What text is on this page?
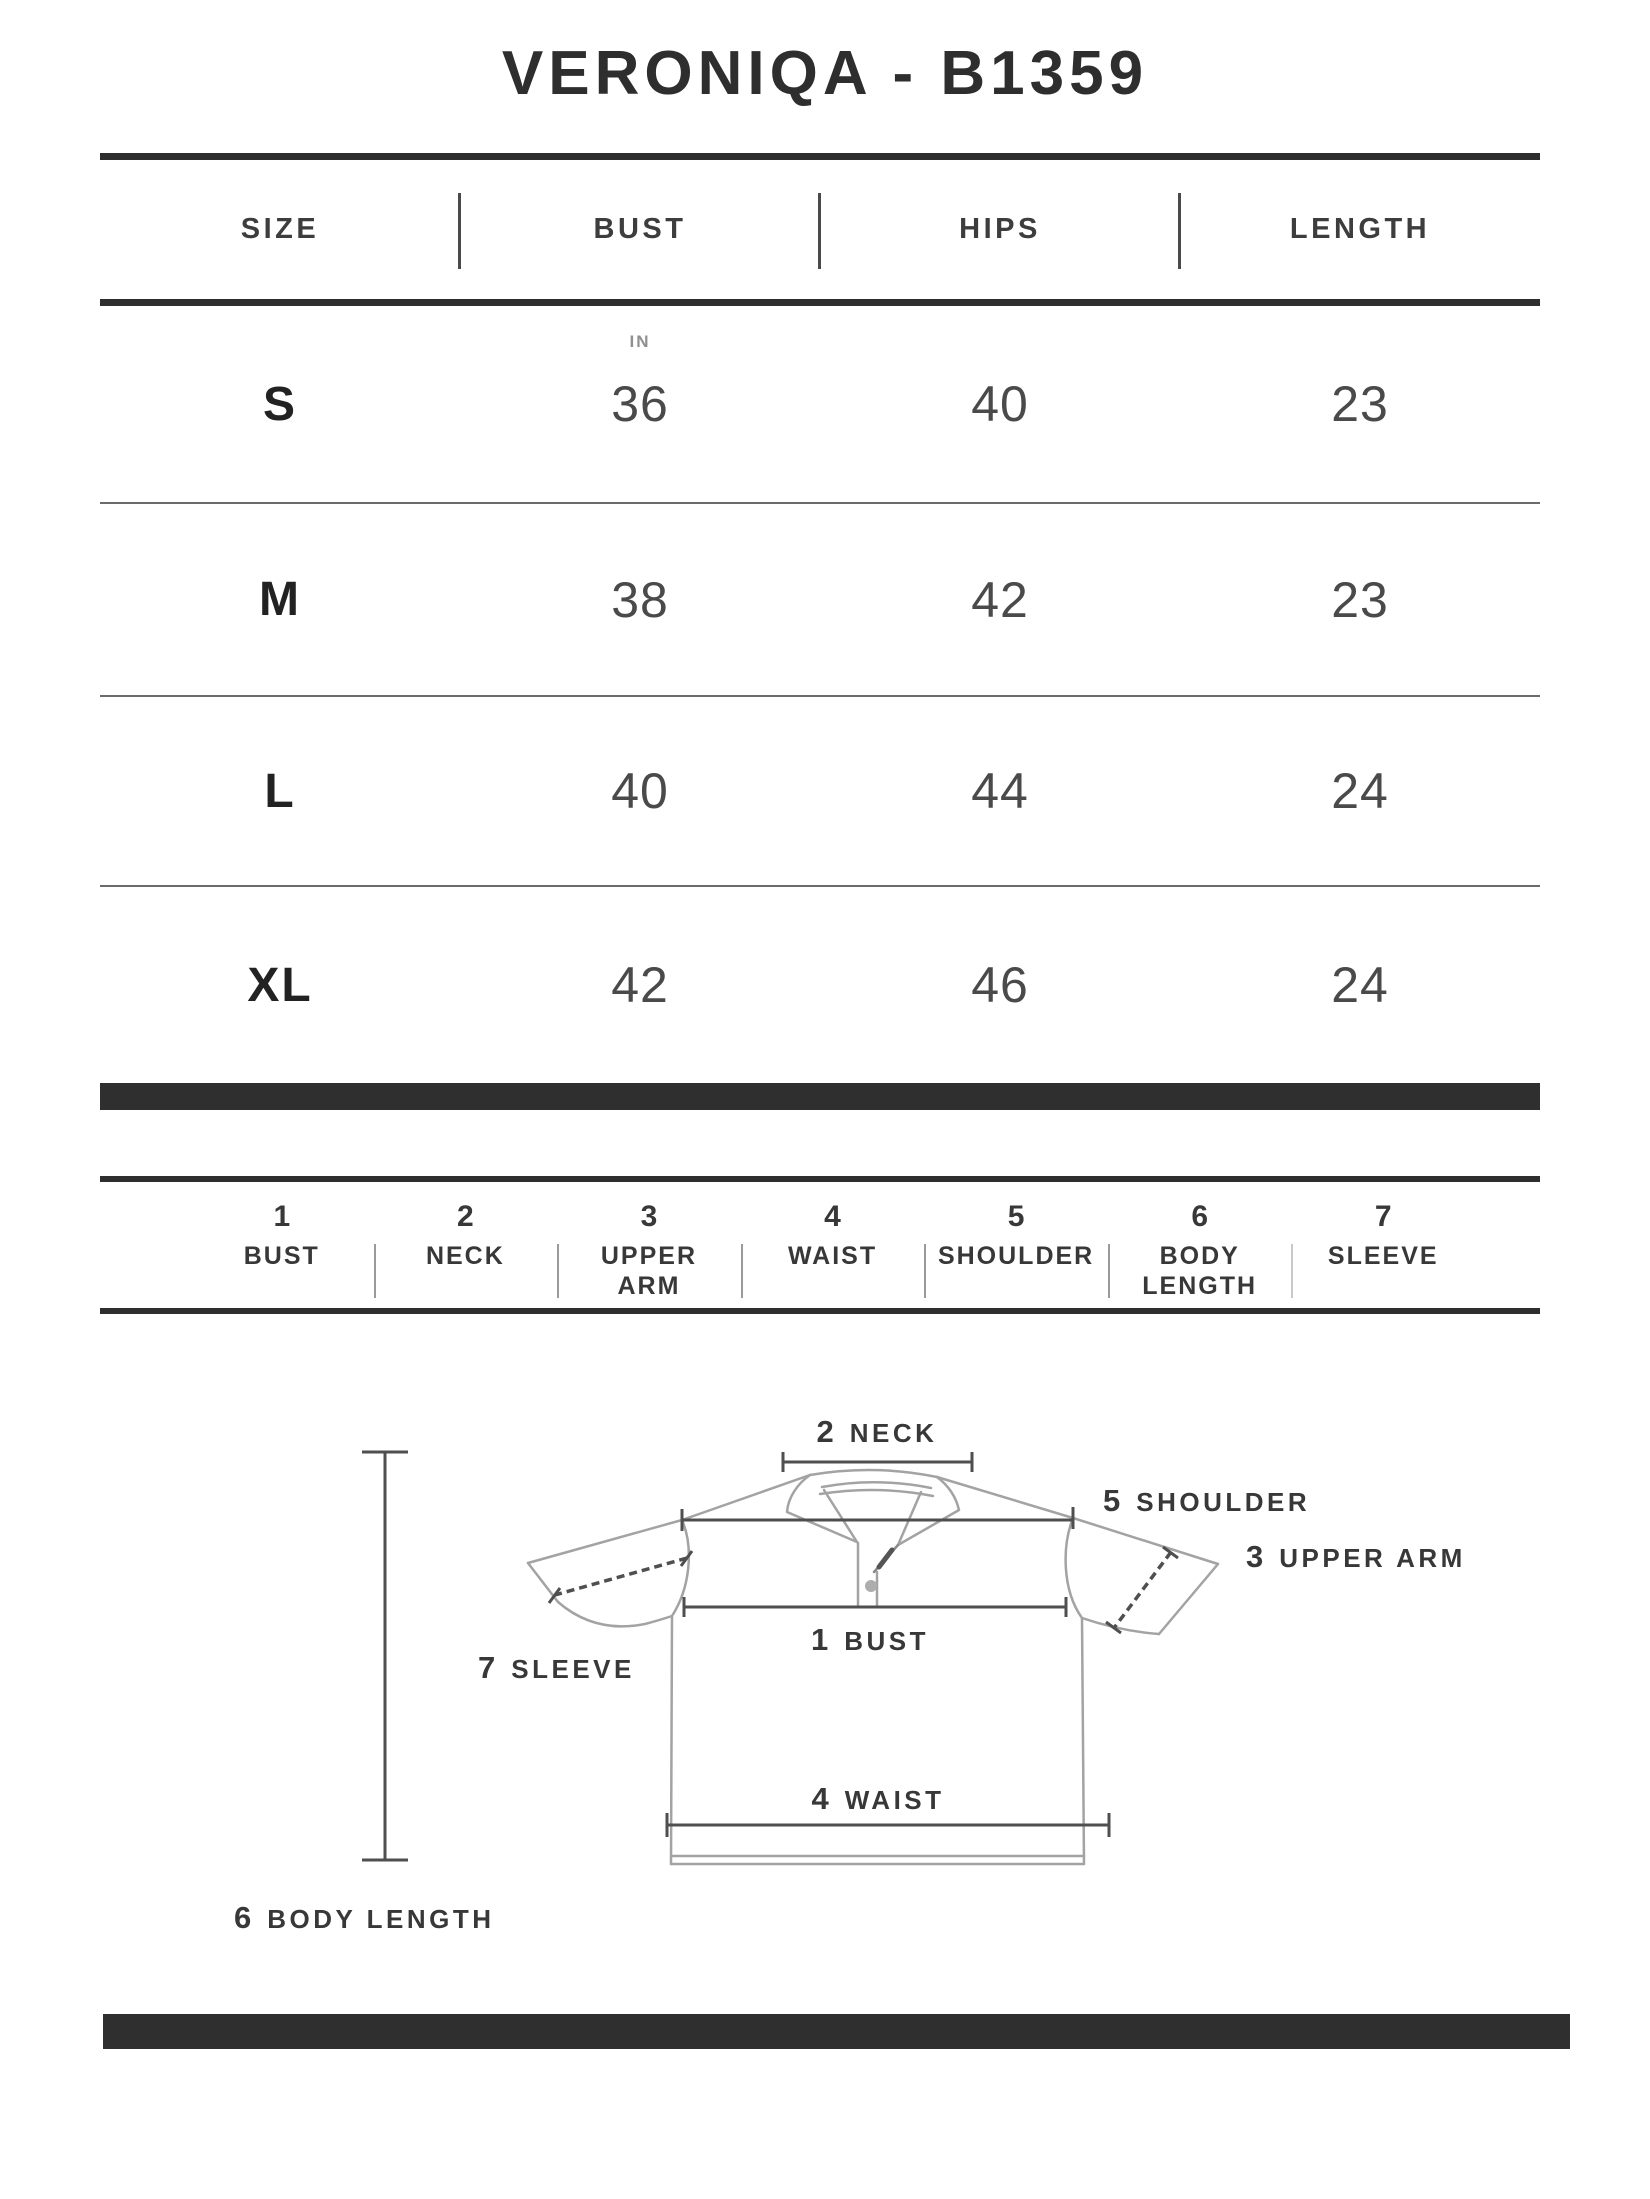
VERONIQA - B1359
SIZE	BUST	HIPS	LENGTH
IN
S	36	40	23
M	38	42	23
L	40	44	24
XL	42	46	24
1
BUST
2
NECK
3
UPPER
ARM
4
WAIST
5
SHOULDER
6
BODY
LENGTH
7
SLEEVE
2 NECK
5 SHOULDER
3 UPPER ARM
1 BUST
7 SLEEVE
4 WAIST
6 BODY LENGTH
